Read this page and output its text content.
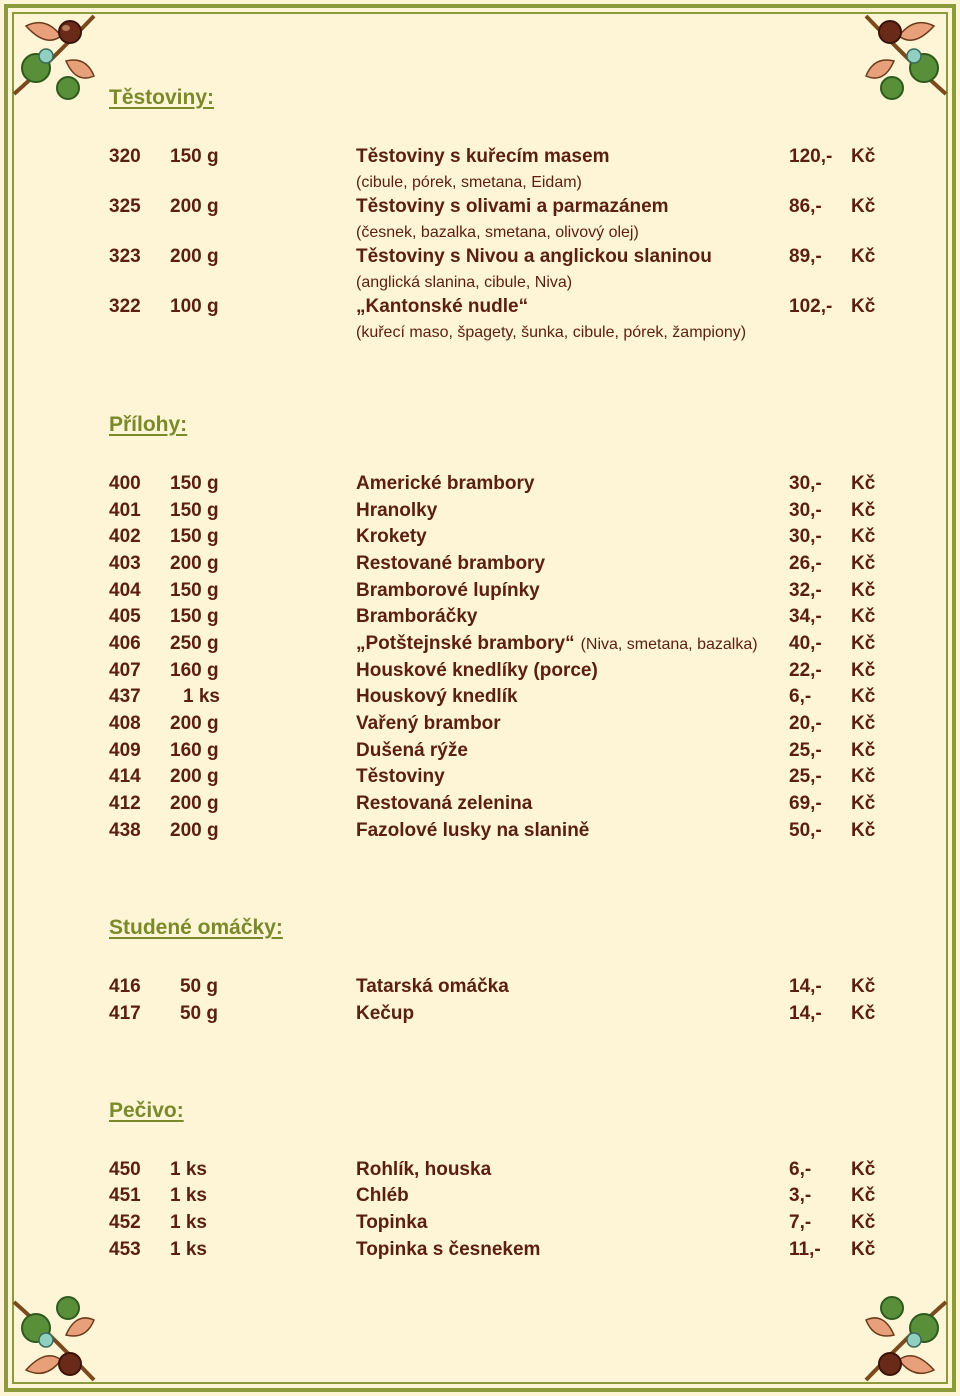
Těstoviny:
320 150 g	Těstoviny s kuřecím masem	120,- Kč
(cibule, pórek, smetana, Eidam)
325 200 g	Těstoviny s olivami a parmazánem	86,- Kč
(česnek, bazalka, smetana, olivový olej)
323 200 g	Těstoviny s Nivou a anglickou slaninou	89,- Kč
(anglická slanina, cibule, Niva)
322 100 g	„Kantonské nudle“	102,- Kč
(kuřecí maso, špagety, šunka, cibule, pórek, žampiony)
Přílohy:
400 150 g	Americké brambory	30,- Kč
401 150 g	Hranolky	30,- Kč
402 150 g	Krokety	30,- Kč
403 200 g	Restované brambory	26,- Kč
404 150 g	Bramborové lupínky	32,- Kč
405 150 g	Bramboráčky	34,- Kč
406 250 g	„Potštejnské brambory“ (Niva, smetana, bazalka) 40,- Kč
407 160 g	Houskové knedlíky (porce)	22,- Kč
437	1 ks	Houskový knedlík	6,- Kč
408 200 g	Vařený brambor	20,- Kč
409 160 g	Dušená rýže	25,- Kč
414 200 g	Těstoviny	25,- Kč
412 200 g	Restovaná zelenina	69,- Kč
438 200 g	Fazolové lusky na slanině	50,- Kč
Studené omáčky:
416	50 g	Tatarská omáčka	14,- Kč
417	50 g	Kečup	14,- Kč
Pečivo:
450 1 ks	Rohlík, houska	6,- Kč
451 1 ks	Chléb	3,- Kč
452 1 ks	Topinka	7,- Kč
453 1 ks	Topinka s česnekem	11,- Kč
